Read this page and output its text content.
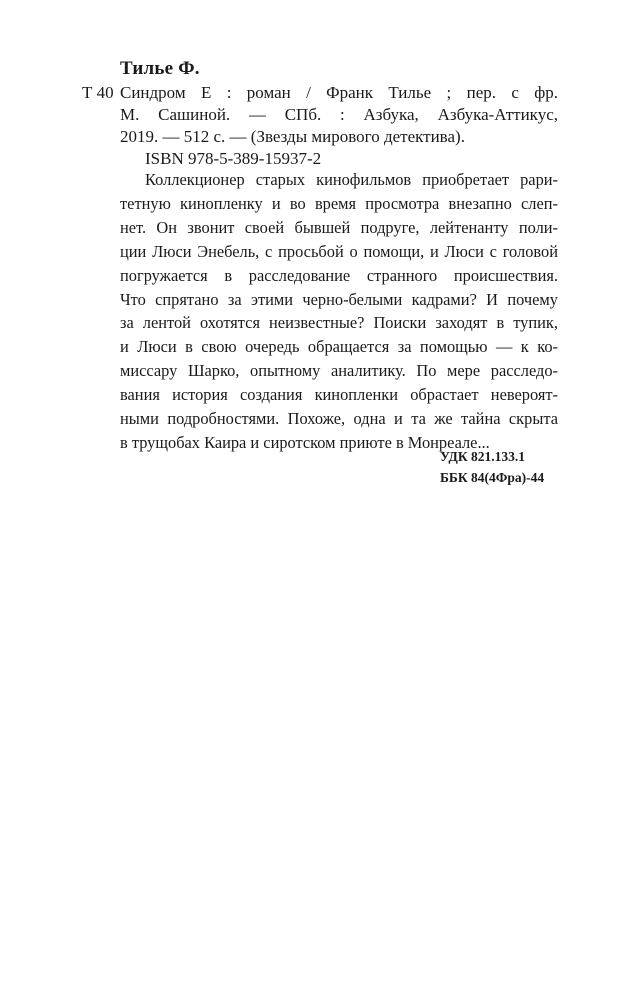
Тилье Ф.
Т 40 Синдром Е : роман / Франк Тилье ; пер. с фр.
М. Сашиной. — СПб. : Азбука, Азбука-Аттикус,
2019. — 512 с. — (Звезды мирового детектива).
ISBN 978-5-389-15937-2
Коллекционер старых кинофильмов приобретает рари-
тетную кинопленку и во время просмотра внезапно слеп-
нет. Он звонит своей бывшей подруге, лейтенанту поли-
ции Люси Энебель, с просьбой о помощи, и Люси с головой
погружается в расследование странного происшествия.
Что спрятано за этими черно-белыми кадрами? И почему
за лентой охотятся неизвестные? Поиски заходят в тупик,
и Люси в свою очередь обращается за помощью — к ко-
миссару Шарко, опытному аналитику. По мере расследо-
вания история создания кинопленки обрастает невероят-
ными подробностями. Похоже, одна и та же тайна скрыта
в трущобах Каира и сиротском приюте в Монреале...
УДК 821.133.1
ББК 84(4Фра)-44
